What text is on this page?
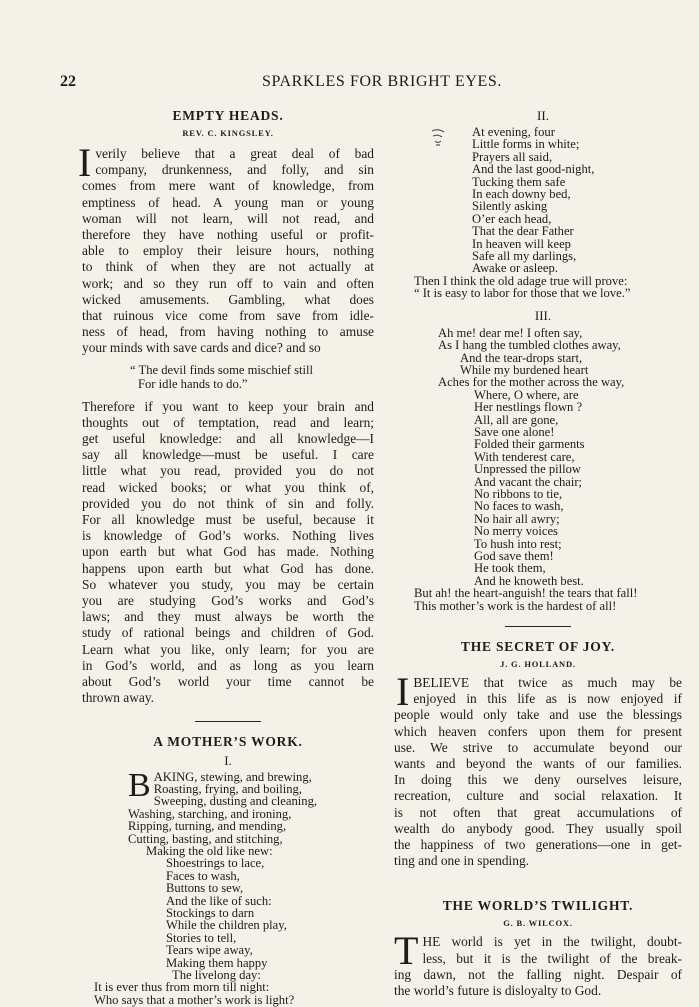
22	SPARKLES FOR BRIGHT EYES.
EMPTY HEADS.
REV. C. KINGSLEY.
I verily believe that a great deal of bad
company, drunkenness, and folly, and sin
comes from mere want of knowledge, from
emptiness of head. A young man or young
woman will not learn, will not read, and
therefore they have nothing useful or profit-
able to employ their leisure hours, nothing
to think of when they are not actually at
work; and so they run off to vain and often
wicked amusements. Gambling, what does
that ruinous vice come from save from idle-
ness of head, from having nothing to amuse
your minds with save cards and dice? and so
“ The devil finds some mischief still
For idle hands to do.”
Therefore if you want to keep your brain and
thoughts out of temptation, read and learn;
get useful knowledge: and all knowledge—I
say all knowledge—must be useful. I care
little what you read, provided you do not
read wicked books; or what you think of,
provided you do not think of sin and folly.
For all knowledge must be useful, because it
is knowledge of God’s works. Nothing lives
upon earth but what God has made. Nothing
happens upon earth but what God has done.
So whatever you study, you may be certain
you are studying God’s works and God’s
laws; and they must always be worth the
study of rational beings and children of God.
Learn what you like, only learn; for you are
in God’s world, and as long as you learn
about God’s world your time cannot be
thrown away.
A MOTHER’S WORK.
I.
B AKING, stewing, and brewing,
Roasting, frying, and boiling,
Sweeping, dusting and cleaning,
Washing, starching, and ironing,
Ripping, turning, and mending,
Cutting, basting, and stitching,
Making the old like new:
Shoestrings to lace,
Faces to wash,
Buttons to sew,
And the like of such:
Stockings to darn
While the children play,
Stories to tell,
Tears wipe away,
Making them happy
The livelong day:
It is ever thus from morn till night:
Who says that a mother’s work is light?
II.
At evening, four
Little forms in white;
Prayers all said,
And the last good-night,
Tucking them safe
In each downy bed,
Silently asking
O’er each head,
That the dear Father
In heaven will keep
Safe all my darlings,
Awake or asleep.
Then I think the old adage true will prove:
“ It is easy to labor for those that we love.”
III.
Ah me! dear me! I often say,
As I hang the tumbled clothes away,
And the tear-drops start,
While my burdened heart
Aches for the mother across the way,
Where, O where, are
Her nestlings flown ?
All, all are gone,
Save one alone!
Folded their garments
With tenderest care,
Unpressed the pillow
And vacant the chair;
No ribbons to tie,
No faces to wash,
No hair all awry;
No merry voices
To hush into rest;
God save them!
He took them,
And he knoweth best.
But ah! the heart-anguish! the tears that fall!
This mother’s work is the hardest of all!
THE SECRET OF JOY.
J. G. HOLLAND.
I BELIEVE that twice as much may be
enjoyed in this life as is now enjoyed if
people would only take and use the blessings
which heaven confers upon them for present
use. We strive to accumulate beyond our
wants and beyond the wants of our families.
In doing this we deny ourselves leisure,
recreation, culture and social relaxation. It
is not often that great accumulations of
wealth do anybody good. They usually spoil
the happiness of two generations—one in get-
ting and one in spending.
THE WORLD’S TWILIGHT.
G. B. WILCOX.
T HE world is yet in the twilight, doubt-
less, but it is the twilight of the break-
ing dawn, not the falling night. Despair of
the world’s future is disloyalty to God.
